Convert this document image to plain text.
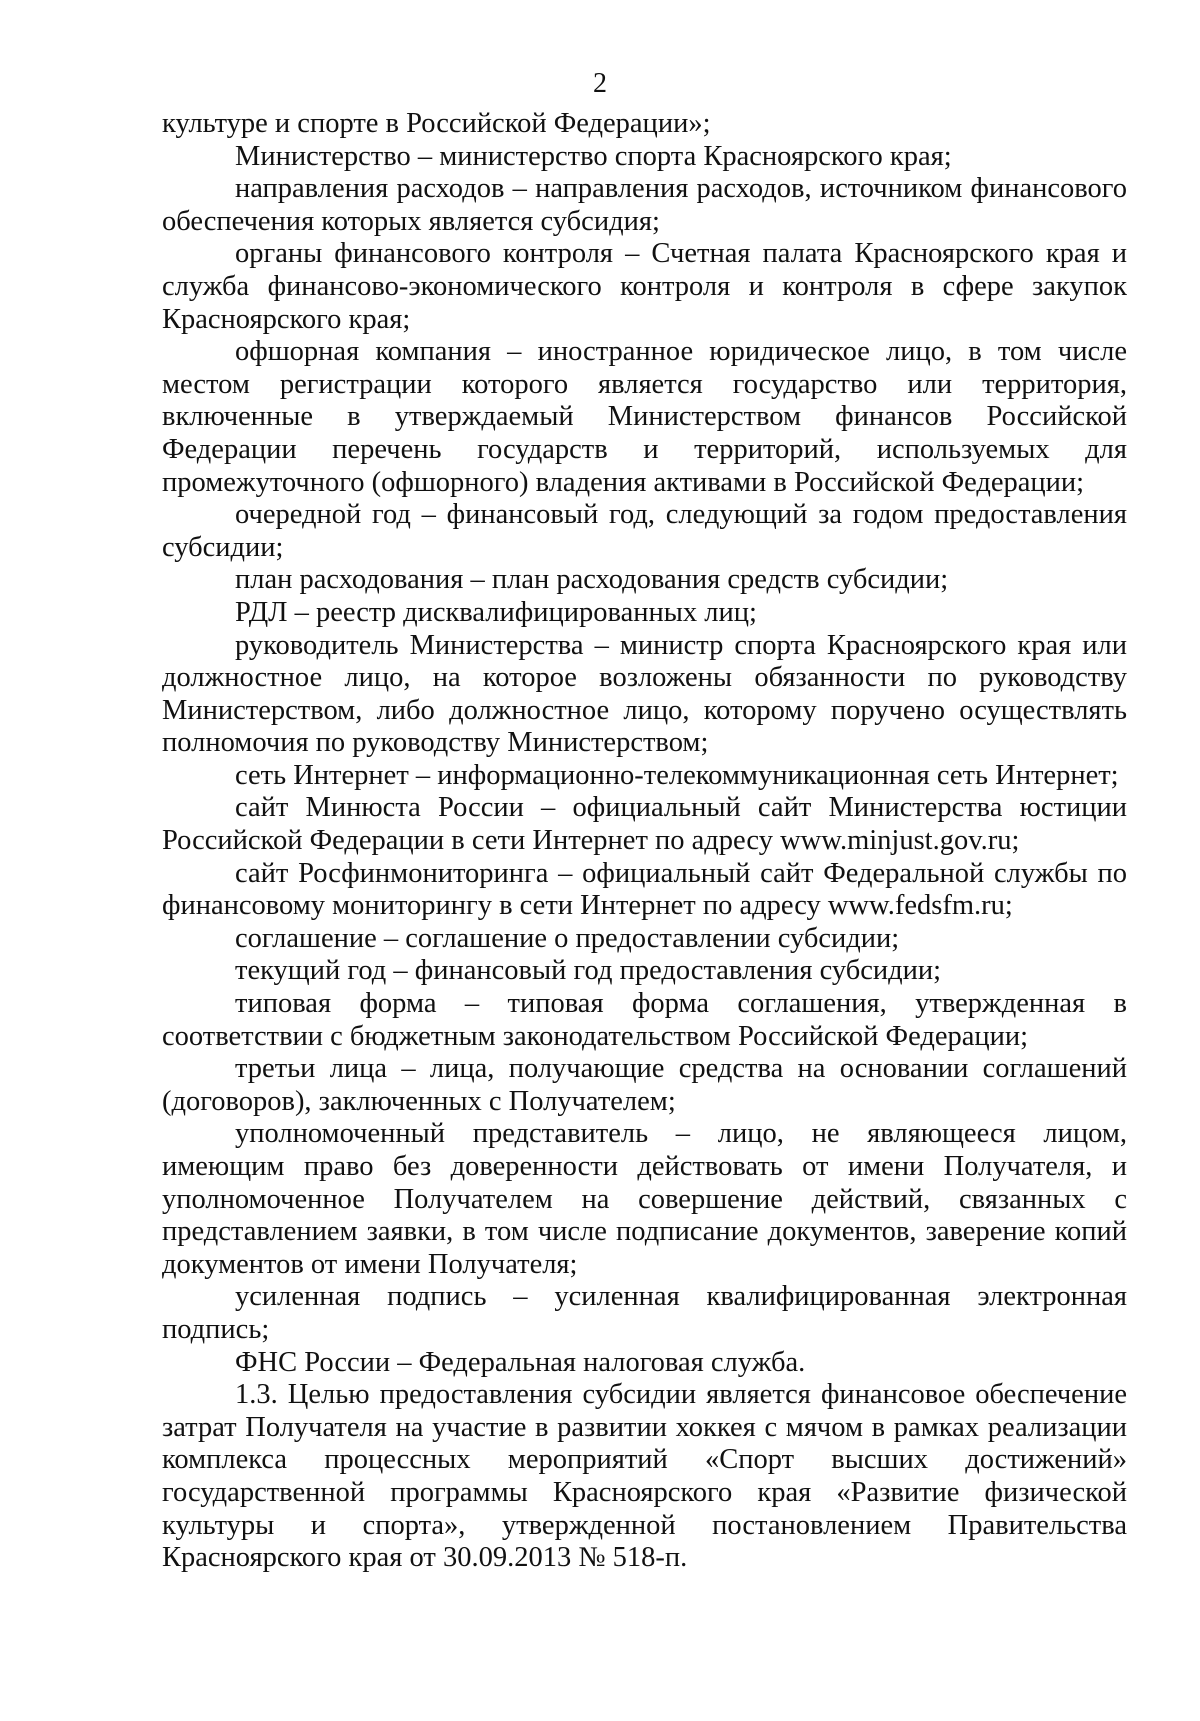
2

культуре и спорте в Российской Федерации»;

Министерство – министерство спорта Красноярского края;

направления расходов – направления расходов, источником финансового обеспечения которых является субсидия;

органы финансового контроля – Счетная палата Красноярского края и служба финансово-экономического контроля и контроля в сфере закупок Красноярского края;

офшорная компания – иностранное юридическое лицо, в том числе местом регистрации которого является государство или территория, включенные в утверждаемый Министерством финансов Российской Федерации перечень государств и территорий, используемых для промежуточного (офшорного) владения активами в Российской Федерации;

очередной год – финансовый год, следующий за годом предоставления субсидии;

план расходования – план расходования средств субсидии;

РДЛ – реестр дисквалифицированных лиц;

руководитель Министерства – министр спорта Красноярского края или должностное лицо, на которое возложены обязанности по руководству Министерством, либо должностное лицо, которому поручено осуществлять полномочия по руководству Министерством;

сеть Интернет – информационно-телекоммуникационная сеть Интернет;

сайт Минюста России – официальный сайт Министерства юстиции Российской Федерации в сети Интернет по адресу www.minjust.gov.ru;

сайт Росфинмониторинга – официальный сайт Федеральной службы по финансовому мониторингу в сети Интернет по адресу www.fedsfm.ru;

соглашение – соглашение о предоставлении субсидии;

текущий год – финансовый год предоставления субсидии;

типовая форма – типовая форма соглашения, утвержденная в соответствии с бюджетным законодательством Российской Федерации;

третьи лица – лица, получающие средства на основании соглашений (договоров), заключенных с Получателем;

уполномоченный представитель – лицо, не являющееся лицом, имеющим право без доверенности действовать от имени Получателя, и уполномоченное Получателем на совершение действий, связанных с представлением заявки, в том числе подписание документов, заверение копий документов от имени Получателя;

усиленная подпись – усиленная квалифицированная электронная подпись;

ФНС России – Федеральная налоговая служба.

1.3. Целью предоставления субсидии является финансовое обеспечение затрат Получателя на участие в развитии хоккея с мячом в рамках реализации комплекса процессных мероприятий «Спорт высших достижений» государственной программы Красноярского края «Развитие физической культуры и спорта», утвержденной постановлением Правительства Красноярского края от 30.09.2013 № 518-п.
